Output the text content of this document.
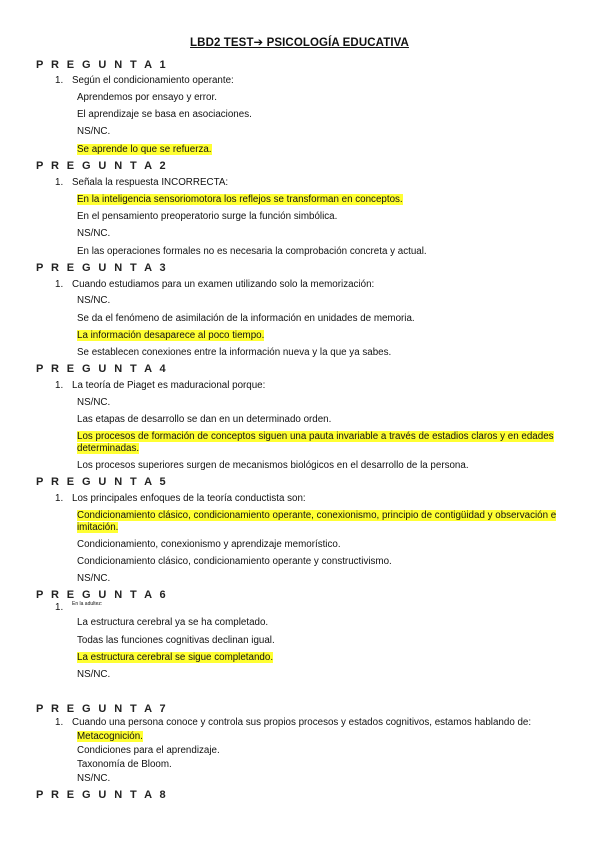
LBD2 TEST➔ PSICOLOGÍA EDUCATIVA
P R E G U N T A 1
1. Según el condicionamiento operante:
Aprendemos por ensayo y error.
El aprendizaje se basa en asociaciones.
NS/NC.
Se aprende lo que se refuerza.
P R E G U N T A 2
1. Señala la respuesta INCORRECTA:
En la inteligencia sensoriomotora los reflejos se transforman en conceptos.
En el pensamiento preoperatorio surge la función simbólica.
NS/NC.
En las operaciones formales no es necesaria la comprobación concreta y actual.
P R E G U N T A 3
1. Cuando estudiamos para un examen utilizando solo la memorización:
NS/NC.
Se da el fenómeno de asimilación de la información en unidades de memoria.
La información desaparece al poco tiempo.
Se establecen conexiones entre la información nueva y la que ya sabes.
P R E G U N T A 4
1. La teoría de Piaget es maduracional porque:
NS/NC.
Las etapas de desarrollo se dan en un determinado orden.
Los procesos de formación de conceptos siguen una pauta invariable a través de estadios claros y en edades determinadas.
Los procesos superiores surgen de mecanismos biológicos en el desarrollo de la persona.
P R E G U N T A 5
1. Los principales enfoques de la teoría conductista son:
Condicionamiento clásico, condicionamiento operante, conexionismo, principio de contigüidad y observación e imitación.
Condicionamiento, conexionismo y aprendizaje memorístico.
Condicionamiento clásico, condicionamiento operante y constructivismo.
NS/NC.
P R E G U N T A 6
1. $^{En la adultez:}$
La estructura cerebral ya se ha completado.
Todas las funciones cognitivas declinan igual.
La estructura cerebral se sigue completando.
NS/NC.
P R E G U N T A 7
1. Cuando una persona conoce y controla sus propios procesos y estados cognitivos, estamos hablando de:
Metacognición.
Condiciones para el aprendizaje.
Taxonomía de Bloom.
NS/NC.
P R E G U N T A 8
